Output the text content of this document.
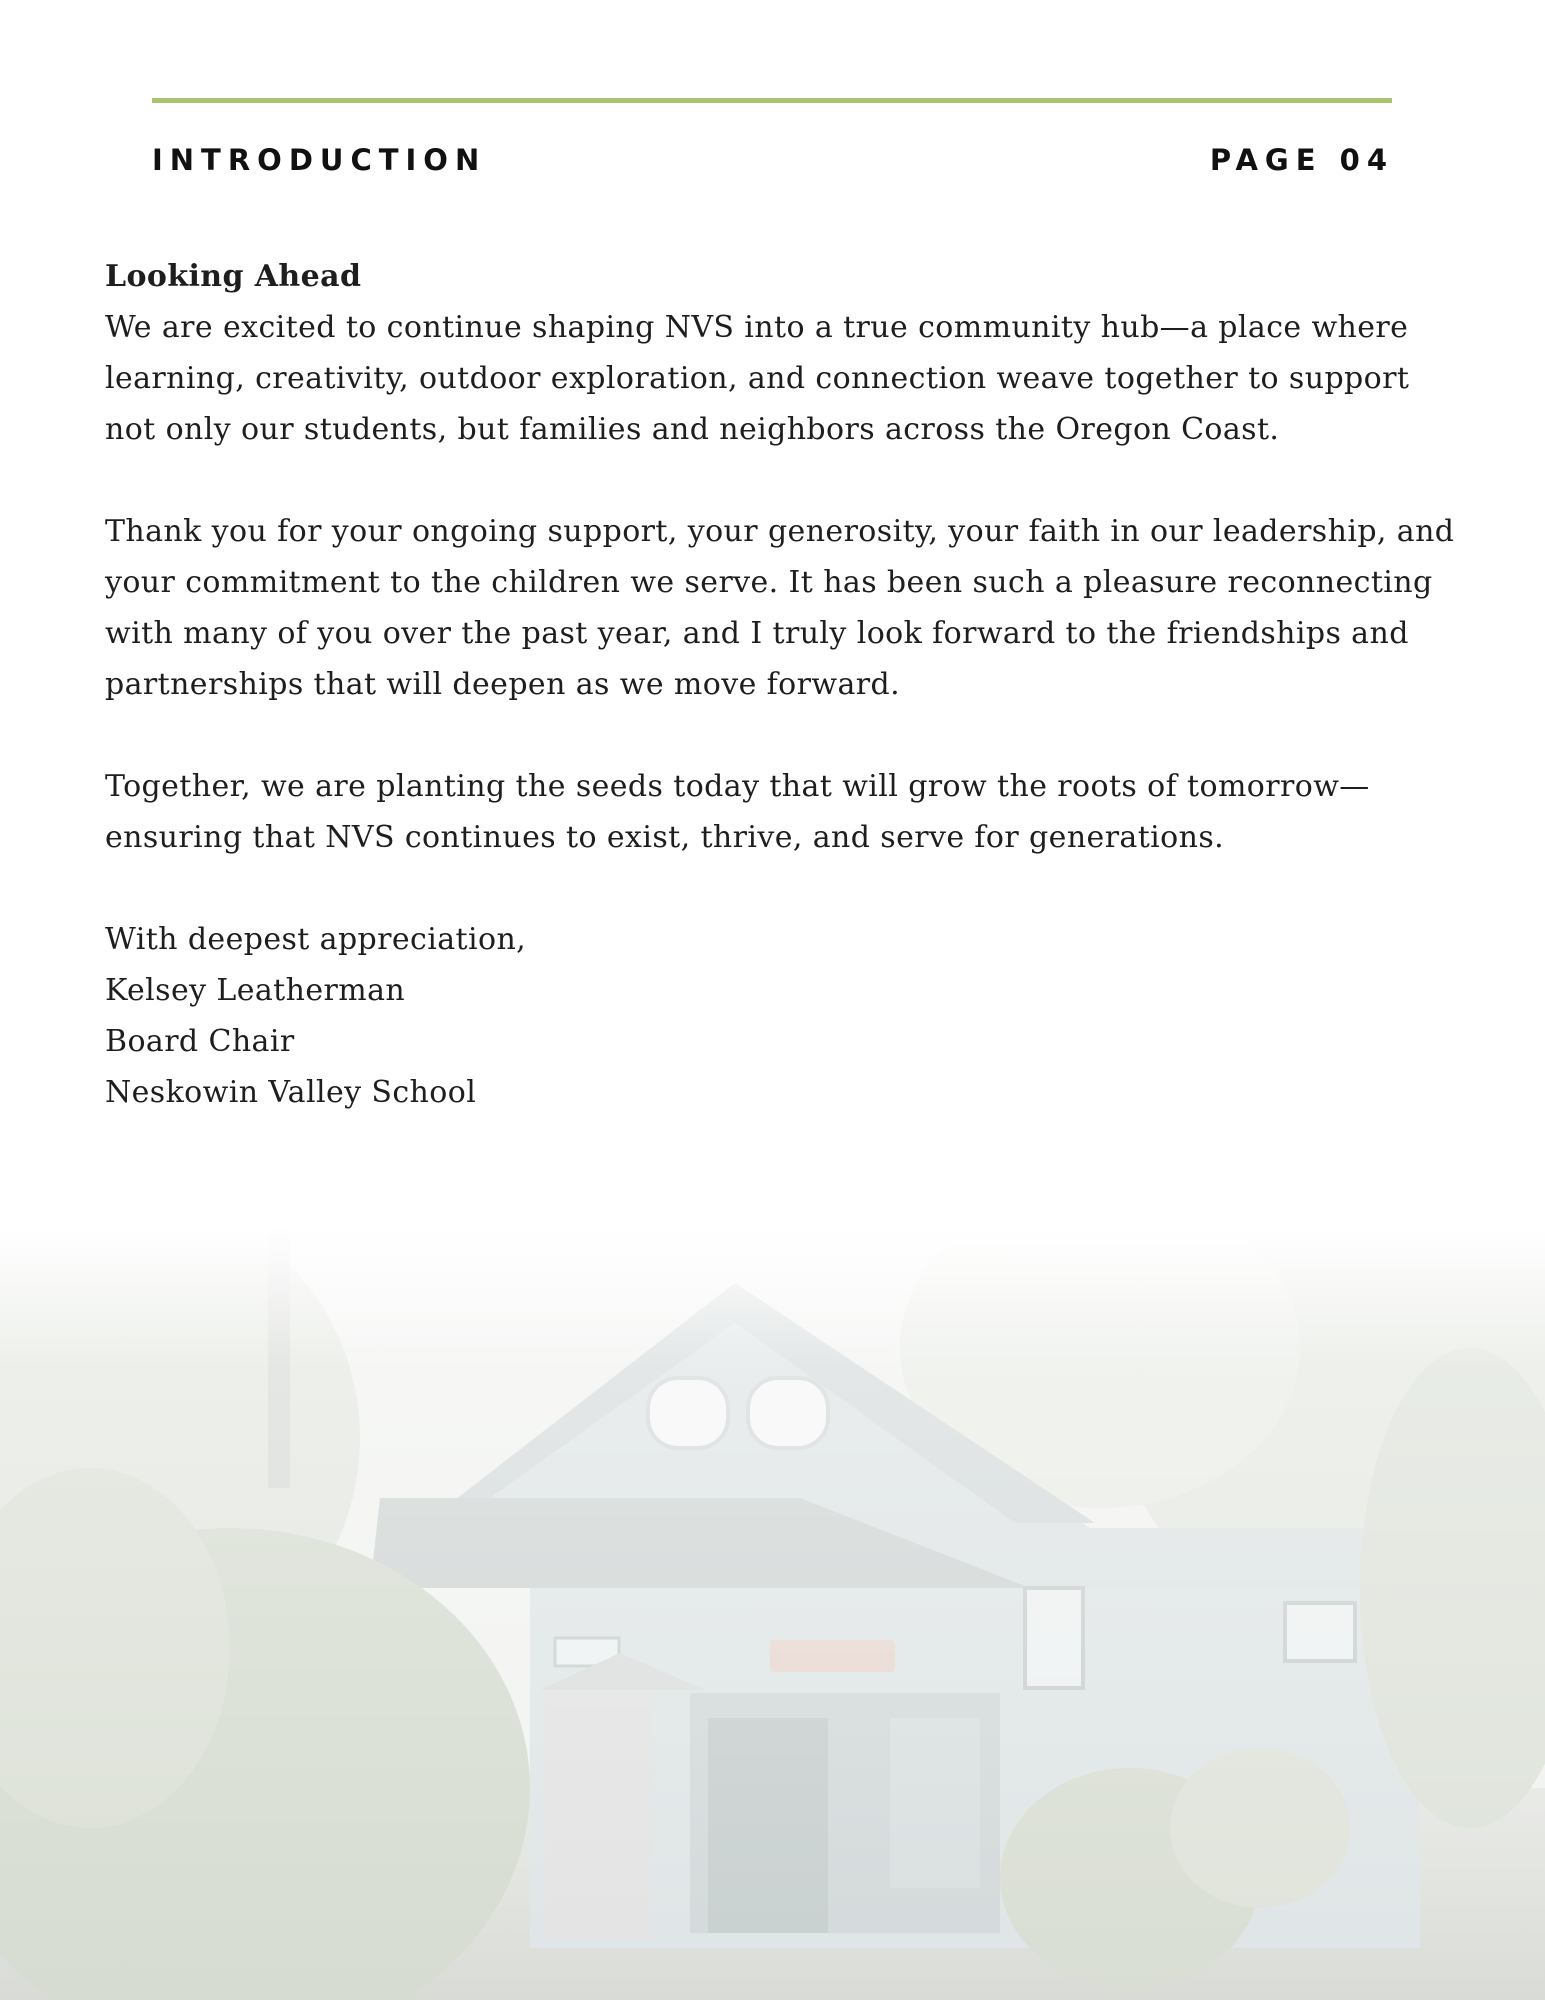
INTRODUCTION	PAGE 04

Looking Ahead
We are excited to continue shaping NVS into a true community hub—a place where learning, creativity, outdoor exploration, and connection weave together to support not only our students, but families and neighbors across the Oregon Coast.

Thank you for your ongoing support, your generosity, your faith in our leadership, and your commitment to the children we serve. It has been such a pleasure reconnecting with many of you over the past year, and I truly look forward to the friendships and partnerships that will deepen as we move forward.

Together, we are planting the seeds today that will grow the roots of tomorrow—ensuring that NVS continues to exist, thrive, and serve for generations.

With deepest appreciation,
Kelsey Leatherman
Board Chair
Neskowin Valley School
